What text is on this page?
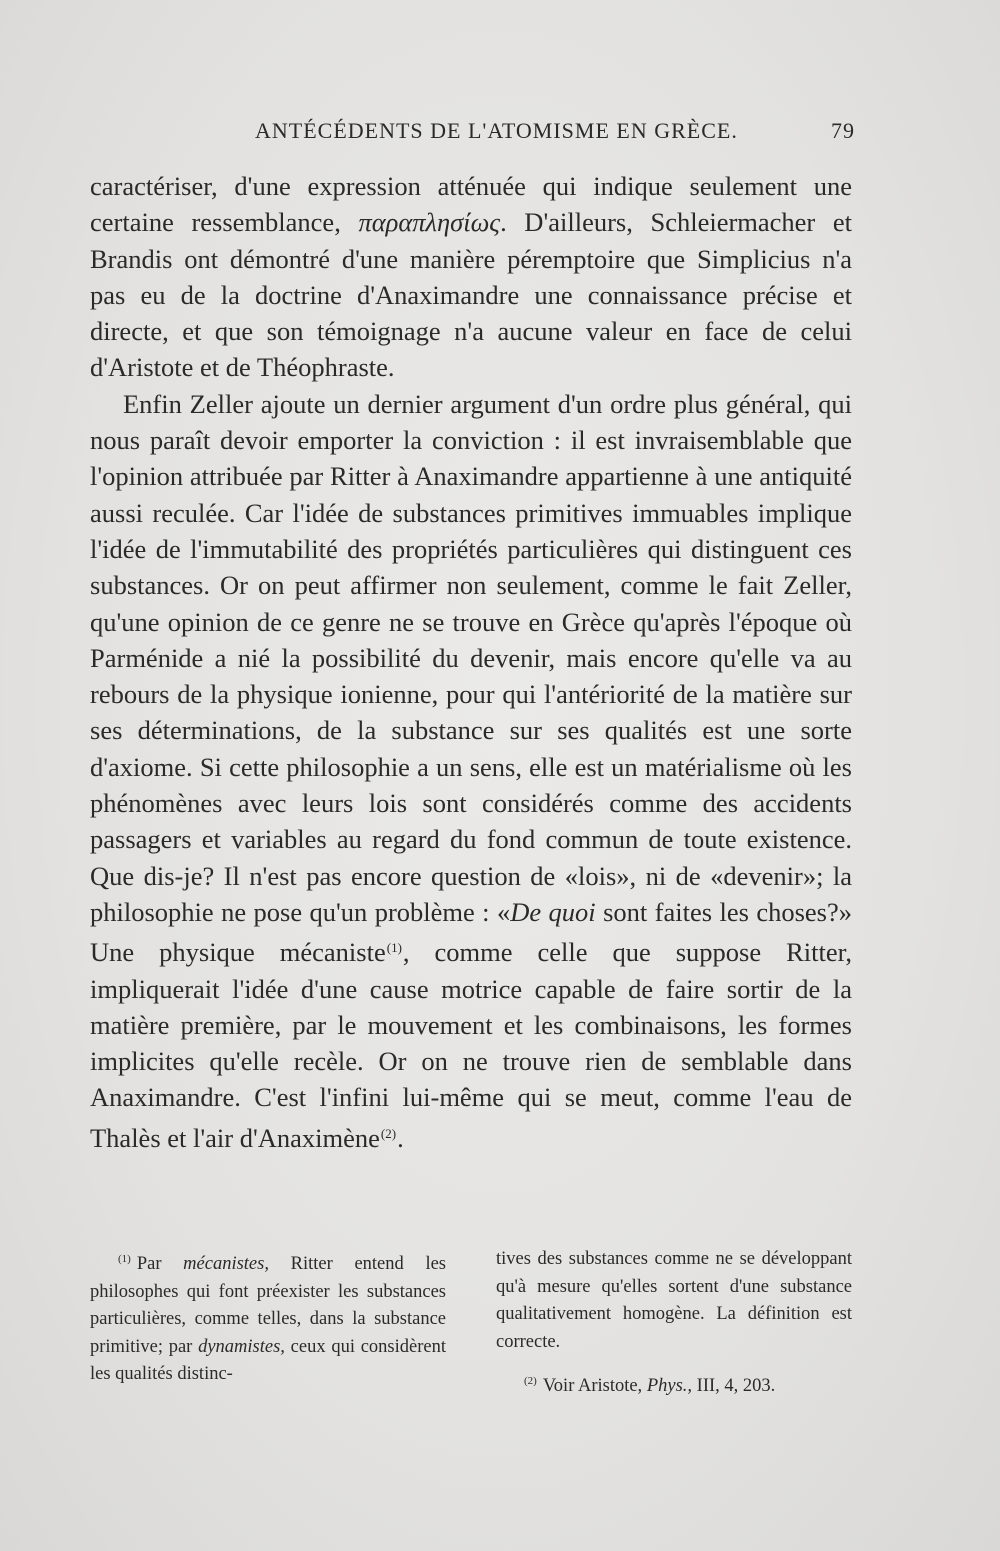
ANTÉCÉDENTS DE L'ATOMISME EN GRÈCE.	79

caractériser, d'une expression atténuée qui indique seulement une certaine ressemblance, παραπλησίως. D'ailleurs, Schleiermacher et Brandis ont démontré d'une manière péremptoire que Simplicius n'a pas eu de la doctrine d'Anaximandre une connaissance précise et directe, et que son témoignage n'a aucune valeur en face de celui d'Aristote et de Théophraste.

Enfin Zeller ajoute un dernier argument d'un ordre plus général, qui nous paraît devoir emporter la conviction : il est invraisemblable que l'opinion attribuée par Ritter à Anaximandre appartienne à une antiquité aussi reculée. Car l'idée de substances primitives immuables implique l'idée de l'immutabilité des propriétés particulières qui distinguent ces substances. Or on peut affirmer non seulement, comme le fait Zeller, qu'une opinion de ce genre ne se trouve en Grèce qu'après l'époque où Parménide a nié la possibilité du devenir, mais encore qu'elle va au rebours de la physique ionienne, pour qui l'antériorité de la matière sur ses déterminations, de la substance sur ses qualités est une sorte d'axiome. Si cette philosophie a un sens, elle est un matérialisme où les phénomènes avec leurs lois sont considérés comme des accidents passagers et variables au regard du fond commun de toute existence. Que dis-je? Il n'est pas encore question de «lois», ni de «devenir»; la philosophie ne pose qu'un problème : «De quoi sont faites les choses?» Une physique mécaniste$^{(1)}$, comme celle que suppose Ritter, impliquerait l'idée d'une cause motrice capable de faire sortir de la matière première, par le mouvement et les combinaisons, les formes implicites qu'elle recèle. Or on ne trouve rien de semblable dans Anaximandre. C'est l'infini lui-même qui se meut, comme l'eau de Thalès et l'air d'Anaximène$^{(2)}$.

$^{(1)}$ Par mécanistes, Ritter entend les philosophes qui font préexister les substances particulières, comme telles, dans la substance primitive; par dynamistes, ceux qui considèrent les qualités distinc-

tives des substances comme ne se développant qu'à mesure qu'elles sortent d'une substance qualitativement homogène. La définition est correcte.

$^{(2)}$ Voir Aristote, Phys., III, 4, 203.
